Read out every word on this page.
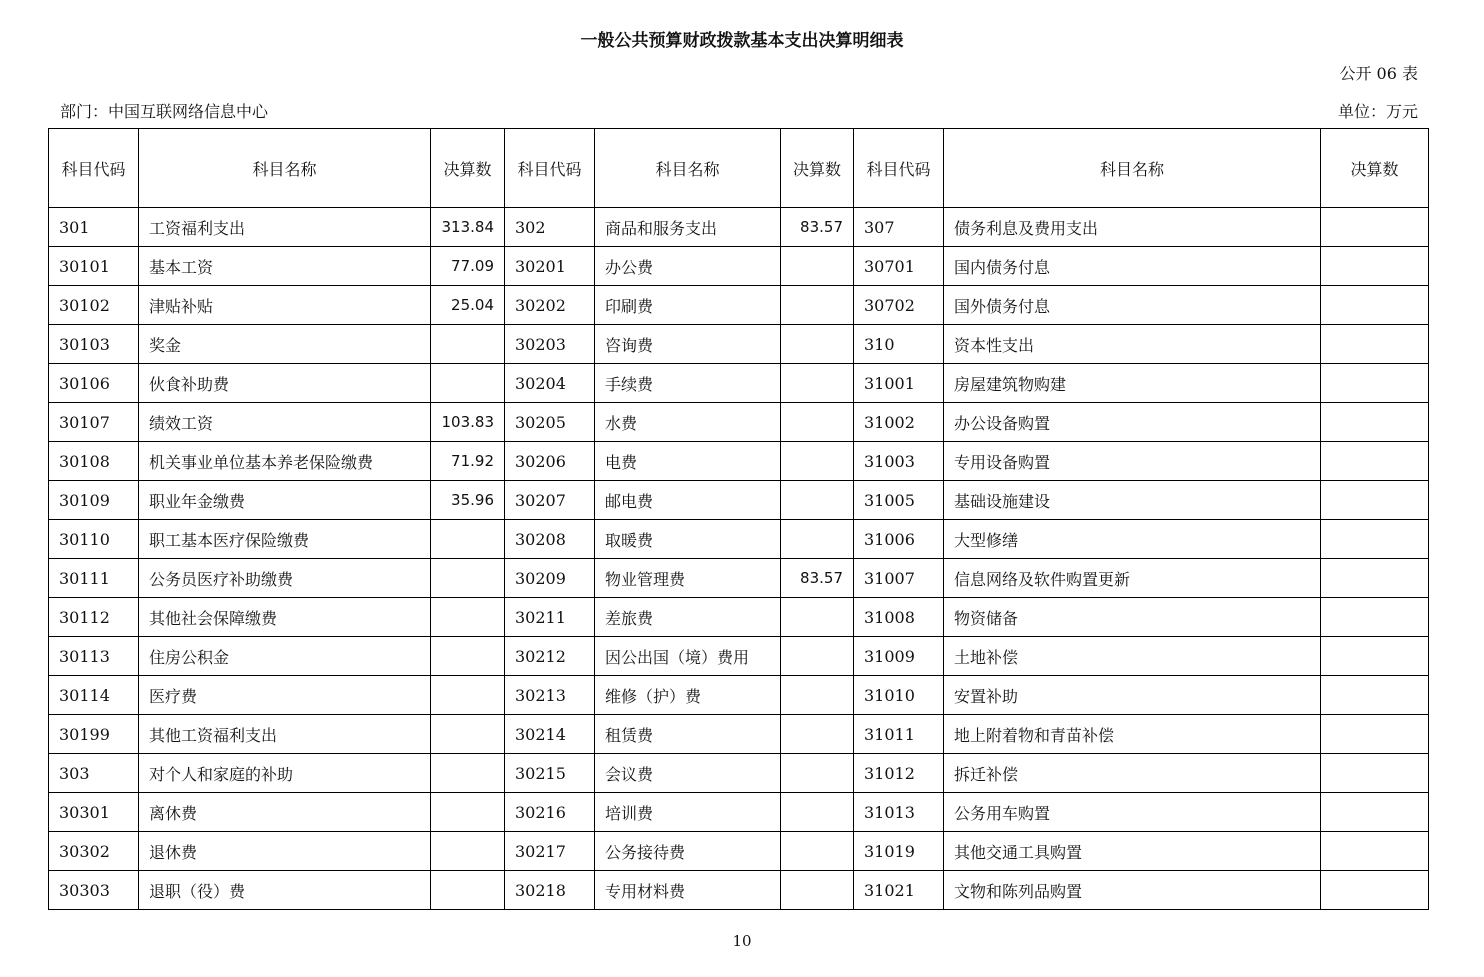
一般公共预算财政拨款基本支出决算明细表
公开 06 表
部门：中国互联网络信息中心	单位：万元
科目代码	科目名称	决算数	科目代码	科目名称	决算数	科目代码	科目名称	决算数
301	工资福利支出	313.84	302	商品和服务支出	83.57	307	债务利息及费用支出	
30101	基本工资	77.09	30201	办公费		30701	国内债务付息	
30102	津贴补贴	25.04	30202	印刷费		30702	国外债务付息	
30103	奖金		30203	咨询费		310	资本性支出	
30106	伙食补助费		30204	手续费		31001	房屋建筑物购建	
30107	绩效工资	103.83	30205	水费		31002	办公设备购置	
30108	机关事业单位基本养老保险缴费	71.92	30206	电费		31003	专用设备购置	
30109	职业年金缴费	35.96	30207	邮电费		31005	基础设施建设	
30110	职工基本医疗保险缴费		30208	取暖费		31006	大型修缮	
30111	公务员医疗补助缴费		30209	物业管理费	83.57	31007	信息网络及软件购置更新	
30112	其他社会保障缴费		30211	差旅费		31008	物资储备	
30113	住房公积金		30212	因公出国（境）费用		31009	土地补偿	
30114	医疗费		30213	维修（护）费		31010	安置补助	
30199	其他工资福利支出		30214	租赁费		31011	地上附着物和青苗补偿	
303	对个人和家庭的补助		30215	会议费		31012	拆迁补偿	
30301	离休费		30216	培训费		31013	公务用车购置	
30302	退休费		30217	公务接待费		31019	其他交通工具购置	
30303	退职（役）费		30218	专用材料费		31021	文物和陈列品购置	
10
